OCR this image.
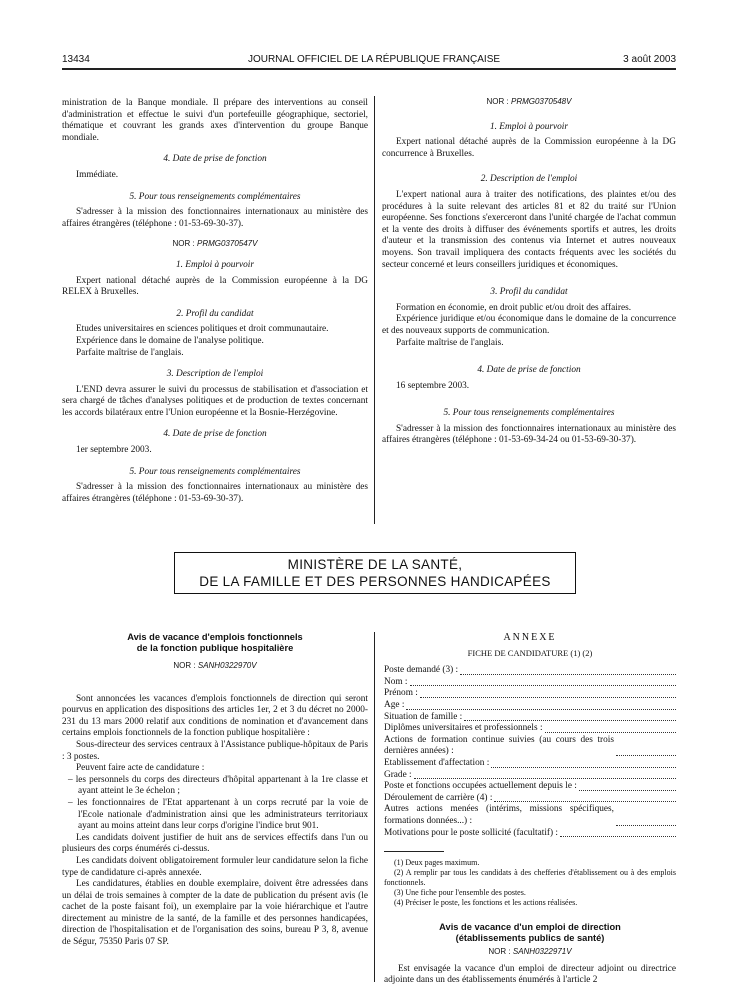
13434	JOURNAL OFFICIEL DE LA RÉPUBLIQUE FRANÇAISE	3 août 2003

ministration de la Banque mondiale. Il prépare des interventions au conseil d'administration et effectue le suivi d'un portefeuille géographique, sectoriel, thématique et couvrant les grands axes d'intervention du groupe Banque mondiale.

4. Date de prise de fonction

Immédiate.

5. Pour tous renseignements complémentaires

S'adresser à la mission des fonctionnaires internationaux au ministère des affaires étrangères (téléphone : 01-53-69-30-37).

NOR : PRMG0370547V

1. Emploi à pourvoir

Expert national détaché auprès de la Commission européenne à la DG RELEX à Bruxelles.

2. Profil du candidat

Etudes universitaires en sciences politiques et droit communautaire.

Expérience dans le domaine de l'analyse politique.

Parfaite maîtrise de l'anglais.

3. Description de l'emploi

L'END devra assurer le suivi du processus de stabilisation et d'association et sera chargé de tâches d'analyses politiques et de production de textes concernant les accords bilatéraux entre l'Union européenne et la Bosnie-Herzégovine.

4. Date de prise de fonction

1er septembre 2003.

5. Pour tous renseignements complémentaires

S'adresser à la mission des fonctionnaires internationaux au ministère des affaires étrangères (téléphone : 01-53-69-30-37).

NOR : PRMG0370548V

1. Emploi à pourvoir

Expert national détaché auprès de la Commission européenne à la DG concurrence à Bruxelles.

2. Description de l'emploi

L'expert national aura à traiter des notifications, des plaintes et/ou des procédures à la suite relevant des articles 81 et 82 du traité sur l'Union européenne. Ses fonctions s'exerceront dans l'unité chargée de l'achat commun et la vente des droits à diffuser des événements sportifs et autres, les droits d'auteur et la transmission des contenus via Internet et autres nouveaux moyens. Son travail impliquera des contacts fréquents avec les sociétés du secteur concerné et leurs conseillers juridiques et économiques.

3. Profil du candidat

Formation en économie, en droit public et/ou droit des affaires.

Expérience juridique et/ou économique dans le domaine de la concurrence et des nouveaux supports de communication.

Parfaite maîtrise de l'anglais.

4. Date de prise de fonction

16 septembre 2003.

5. Pour tous renseignements complémentaires

S'adresser à la mission des fonctionnaires internationaux au ministère des affaires étrangères (téléphone : 01-53-69-34-24 ou 01-53-69-30-37).

MINISTÈRE DE LA SANTÉ,
DE LA FAMILLE ET DES PERSONNES HANDICAPÉES

Avis de vacance d'emplois fonctionnels

de la fonction publique hospitalière

NOR : SANH0322970V

Sont annoncées les vacances d'emplois fonctionnels de direction qui seront pourvus en application des dispositions des articles 1er, 2 et 3 du décret no 2000-231 du 13 mars 2000 relatif aux conditions de nomination et d'avancement dans certains emplois fonctionnels de la fonction publique hospitalière :

Sous-directeur des services centraux à l'Assistance publique-hôpitaux de Paris : 3 postes.

Peuvent faire acte de candidature :

– les personnels du corps des directeurs d'hôpital appartenant à la 1re classe et ayant atteint le 3e échelon ;

– les fonctionnaires de l'Etat appartenant à un corps recruté par la voie de l'Ecole nationale d'administration ainsi que les administrateurs territoriaux ayant au moins atteint dans leur corps d'origine l'indice brut 901.

Les candidats doivent justifier de huit ans de services effectifs dans l'un ou plusieurs des corps énumérés ci-dessus.

Les candidats doivent obligatoirement formuler leur candidature selon la fiche type de candidature ci-après annexée.

Les candidatures, établies en double exemplaire, doivent être adressées dans un délai de trois semaines à compter de la date de publication du présent avis (le cachet de la poste faisant foi), un exemplaire par la voie hiérarchique et l'autre directement au ministre de la santé, de la famille et des personnes handicapées, direction de l'hospitalisation et de l'organisation des soins, bureau P 3, 8, avenue de Ségur, 75350 Paris 07 SP.

ANNEXE

FICHE DE CANDIDATURE (1) (2)

Poste demandé (3) :
Nom :
Prénom :
Age :
Situation de famille :
Diplômes universitaires et professionnels :
Actions de formation continue suivies (au cours des trois dernières années) :
Etablissement d'affectation :
Grade :
Poste et fonctions occupées actuellement depuis le :
Déroulement de carrière (4) :
Autres actions menées (intérims, missions spécifiques, formations données...) :
Motivations pour le poste sollicité (facultatif) :

(1) Deux pages maximum.

(2) A remplir par tous les candidats à des chefferies d'établissement ou à des emplois fonctionnels.

(3) Une fiche pour l'ensemble des postes.

(4) Préciser le poste, les fonctions et les actions réalisées.

Avis de vacance d'un emploi de direction

(établissements publics de santé)

NOR : SANH0322971V

Est envisagée la vacance d'un emploi de directeur adjoint ou directrice adjointe dans un des établissements énumérés à l'article 2
